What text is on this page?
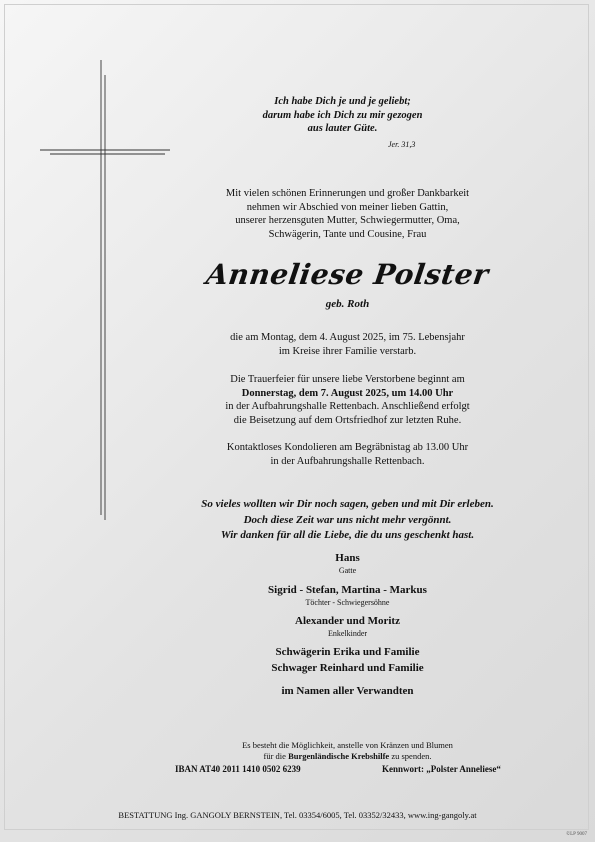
Ich habe Dich je und je geliebt;
darum habe ich Dich zu mir gezogen
aus lauter Güte.
Jer. 31,3
Mit vielen schönen Erinnerungen und großer Dankbarkeit
nehmen wir Abschied von meiner lieben Gattin,
unserer herzensguten Mutter, Schwiegermutter, Oma,
Schwägerin, Tante und Cousine, Frau
Anneliese Polster
geb. Roth
die am Montag, dem 4. August 2025, im 75. Lebensjahr
im Kreise ihrer Familie verstarb.
Die Trauerfeier für unsere liebe Verstorbene beginnt am
Donnerstag, dem 7. August 2025, um 14.00 Uhr
in der Aufbahrungshalle Rettenbach. Anschließend erfolgt
die Beisetzung auf dem Ortsfriedhof zur letzten Ruhe.
Kontaktloses Kondolieren am Begräbnistag ab 13.00 Uhr
in der Aufbahrungshalle Rettenbach.
So vieles wollten wir Dir noch sagen, geben und mit Dir erleben.
Doch diese Zeit war uns nicht mehr vergönnt.
Wir danken für all die Liebe, die du uns geschenkt hast.
Hans
Gatte
Sigrid - Stefan, Martina - Markus
Töchter - Schwiegersöhne
Alexander und Moritz
Enkelkinder
Schwägerin Erika und Familie
Schwager Reinhard und Familie
im Namen aller Verwandten
Es besteht die Möglichkeit, anstelle von Kränzen und Blumen
für die Burgenländische Krebshilfe zu spenden.
IBAN AT40 2011 1410 0502 6239	Kennwort: „Polster Anneliese“
BESTATTUNG Ing. GANGOLY BERNSTEIN, Tel. 03354/6005, Tel. 03352/32433, www.ing-gangoly.at
©LP 9007
